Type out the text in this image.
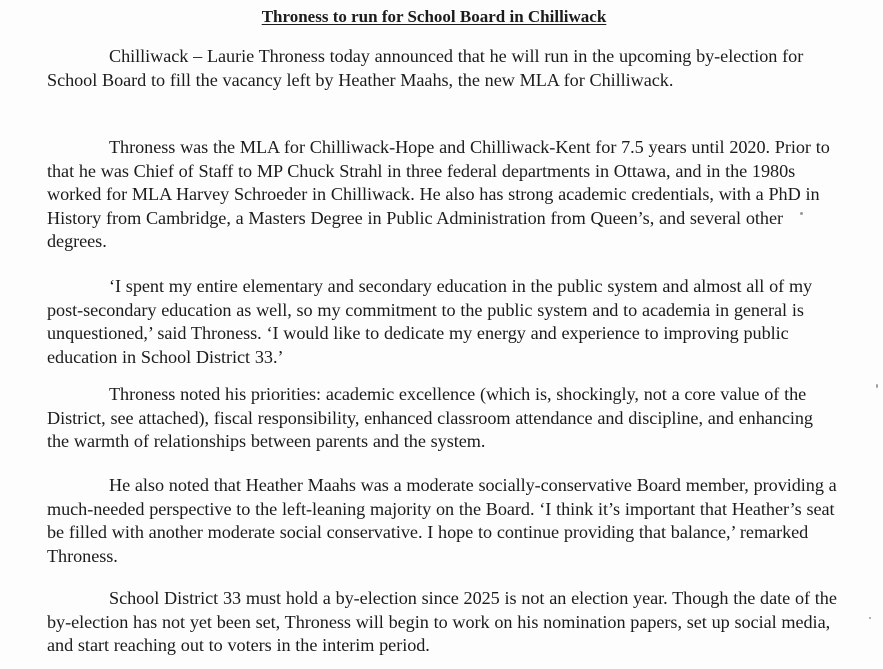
Throness to run for School Board in Chilliwack

Chilliwack – Laurie Throness today announced that he will run in the upcoming by-election for School Board to fill the vacancy left by Heather Maahs, the new MLA for Chilliwack.

Throness was the MLA for Chilliwack-Hope and Chilliwack-Kent for 7.5 years until 2020. Prior to that he was Chief of Staff to MP Chuck Strahl in three federal departments in Ottawa, and in the 1980s worked for MLA Harvey Schroeder in Chilliwack. He also has strong academic credentials, with a PhD in History from Cambridge, a Masters Degree in Public Administration from Queen’s, and several other degrees.

‘I spent my entire elementary and secondary education in the public system and almost all of my post-secondary education as well, so my commitment to the public system and to academia in general is unquestioned,’ said Throness. ‘I would like to dedicate my energy and experience to improving public education in School District 33.’

Throness noted his priorities: academic excellence (which is, shockingly, not a core value of the District, see attached), fiscal responsibility, enhanced classroom attendance and discipline, and enhancing the warmth of relationships between parents and the system.

He also noted that Heather Maahs was a moderate socially-conservative Board member, providing a much-needed perspective to the left-leaning majority on the Board. ‘I think it’s important that Heather’s seat be filled with another moderate social conservative. I hope to continue providing that balance,’ remarked Throness.

School District 33 must hold a by-election since 2025 is not an election year. Though the date of the by-election has not yet been set, Throness will begin to work on his nomination papers, set up social media, and start reaching out to voters in the interim period.
